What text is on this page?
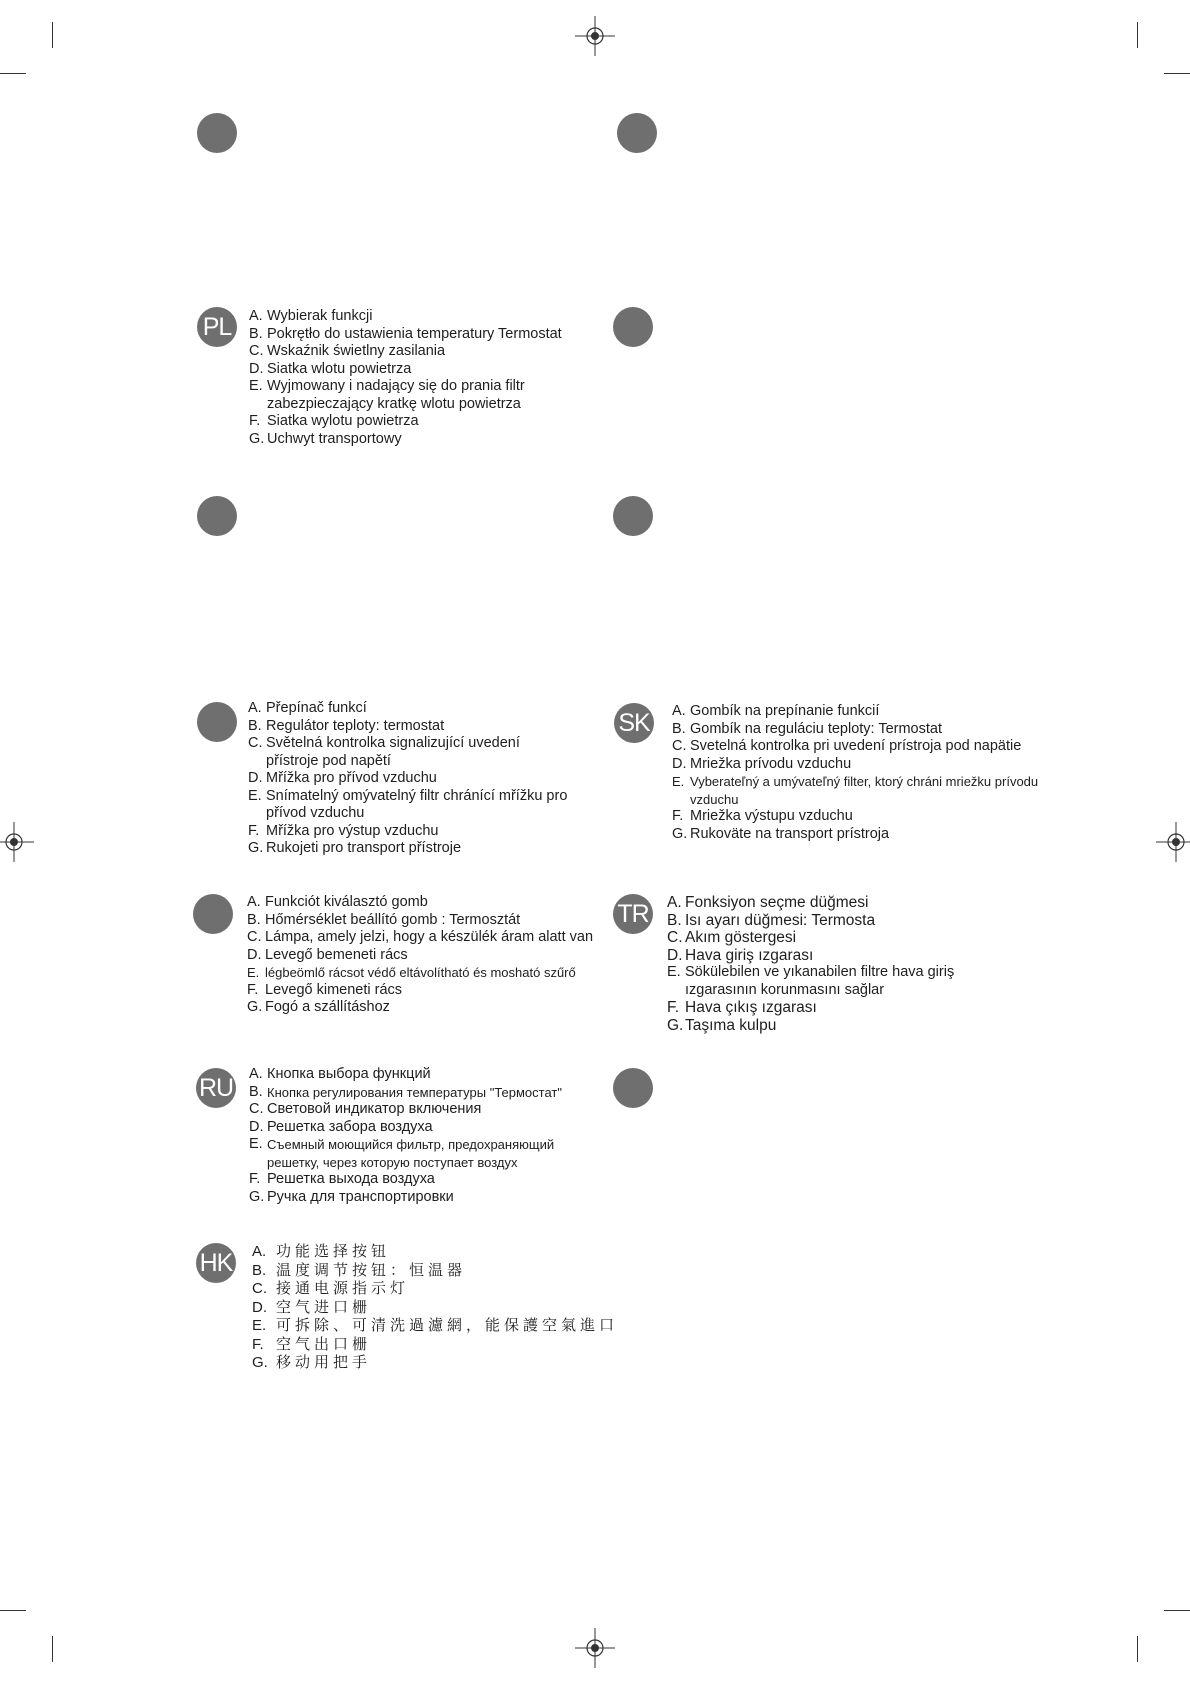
PL	A. Wybierak funkcji
B. Pokrętło do ustawienia temperatury Termostat
C. Wskaźnik świetlny zasilania
D. Siatka wlotu powietrza
E. Wyjmowany i nadający się do prania filtr zabezpieczający kratkę wlotu powietrza
F. Siatka wylotu powietrza
G. Uchwyt transportowy
A. Přepínač funkcí
B. Regulátor teploty: termostat
C. Světelná kontrolka signalizující uvedení přístroje pod napětí
D. Mřížka pro přívod vzduchu
E. Snímatelný omývatelný filtr chránící mřížku pro přívod vzduchu
F. Mřížka pro výstup vzduchu
G. Rukojeti pro transport přístroje
SK A. Gombík na prepínanie funkcií
B. Gombík na reguláciu teploty: Termostat
C. Svetelná kontrolka pri uvedení prístroja pod napätie
D. Mriežka prívodu vzduchu
E. Vyberateľný a umývateľný filter, ktorý chráni mriežku prívodu vzduchu
F. Mriežka výstupu vzduchu
G. Rukoväte na transport prístroja
A. Funkciót kiválasztó gomb
B. Hőmérséklet beállító gomb : Termosztát
C. Lámpa, amely jelzi, hogy a készülék áram alatt van
D. Levegő bemeneti rács
E. légbeömlő rácsot védő eltávolítható és mosható szűrő
F. Levegő kimeneti rács
G. Fogó a szállításhoz
TR A. Fonksiyon seçme düğmesi
B. Isı ayarı düğmesi: Termosta
C. Akım göstergesi
D. Hava giriş ızgarası
E. Sökülebilen ve yıkanabilen filtre hava giriş ızgarasının korunmasını sağlar
F. Hava çıkış ızgarası
G. Taşıma kulpu
RU A. Кнопка выбора функций
B. Кнопка регулирования температуры "Термостат"
C. Световой индикатор включения
D. Решетка забора воздуха
E. Съемный моющийся фильтр, предохраняющий решетку, через которую поступает воздух
F. Решетка выхода воздуха
G. Ручка для транспортировки
HK A. 功能选择按钮
B. 温度调节按钮：恒温器
C. 接通电源指示灯
D. 空气进口栅
E. 可拆除、可清洗過濾網，能保護空氣進口
F. 空气出口栅
G. 移动用把手
